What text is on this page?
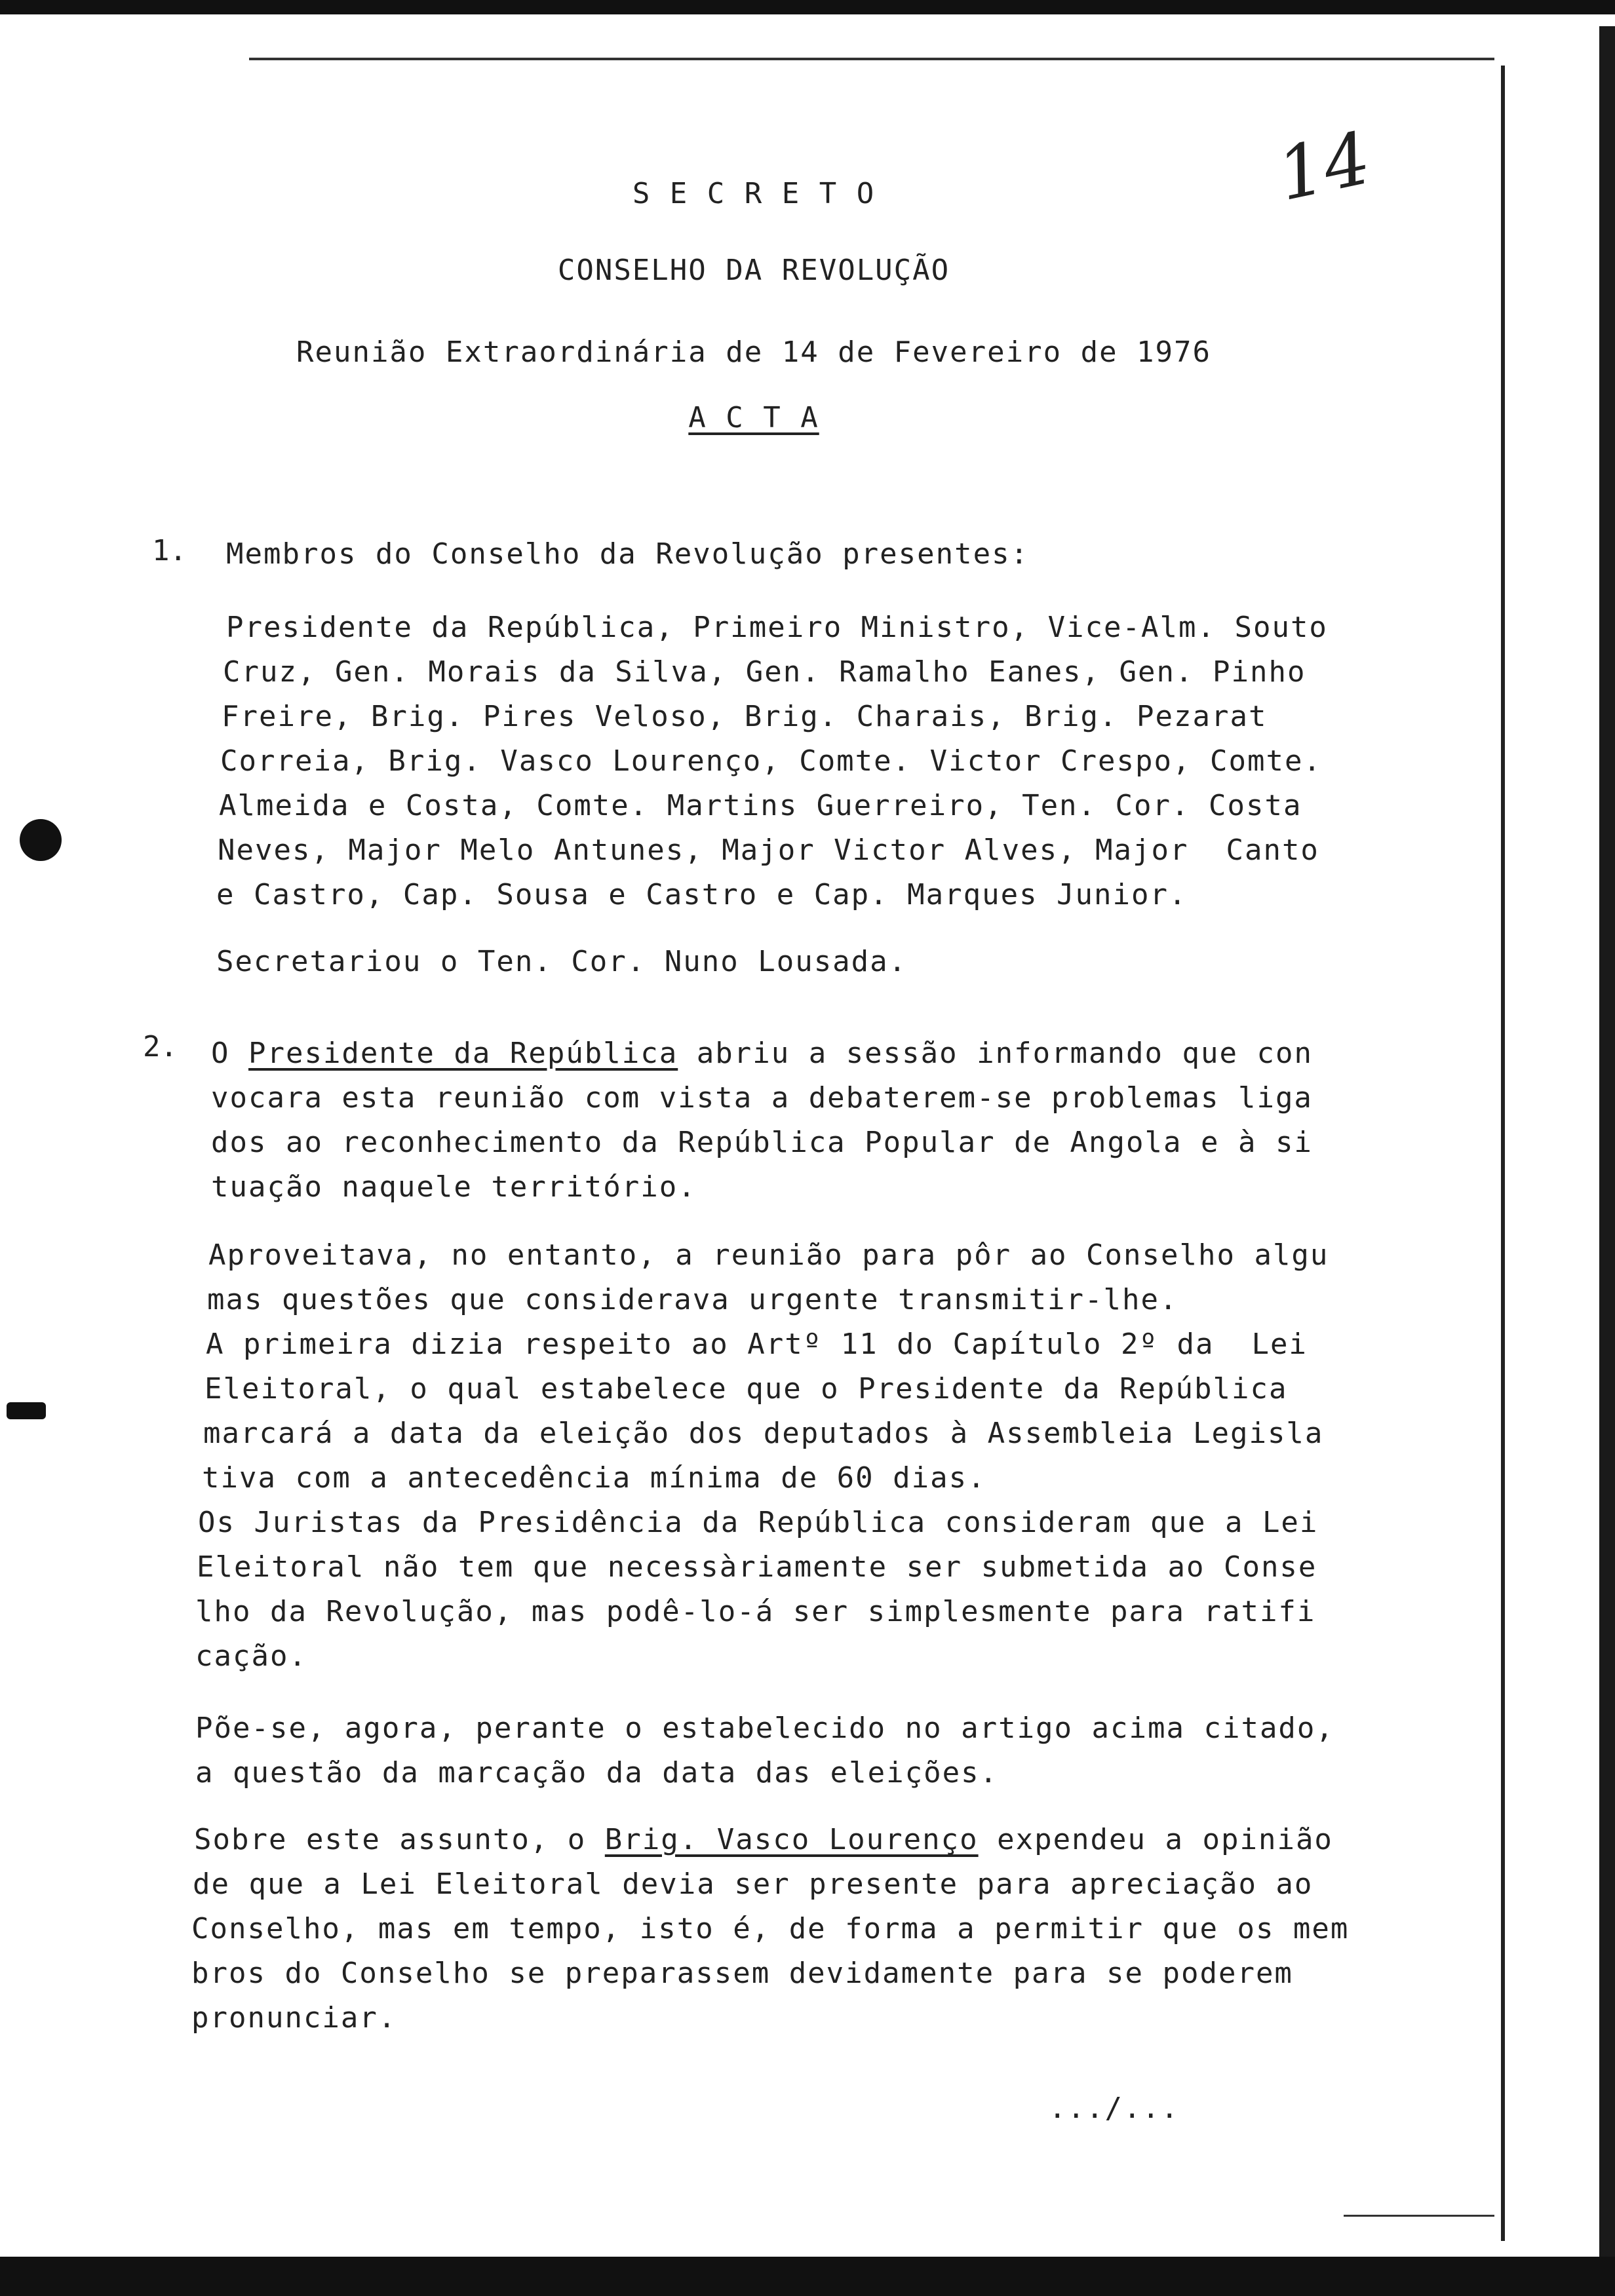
14
S E C R E T O
CONSELHO DA REVOLUÇÃO
Reunião Extraordinária de 14 de Fevereiro de 1976
A C T A
1. Membros do Conselho da Revolução presentes:
Presidente da República, Primeiro Ministro, Vice-Alm. Souto
Cruz, Gen. Morais da Silva, Gen. Ramalho Eanes, Gen. Pinho
Freire, Brig. Pires Veloso, Brig. Charais, Brig. Pezarat
Correia, Brig. Vasco Lourenço, Comte. Victor Crespo, Comte.
Almeida e Costa, Comte. Martins Guerreiro, Ten. Cor. Costa
Neves, Major Melo Antunes, Major Victor Alves, Major  Canto
e Castro, Cap. Sousa e Castro e Cap. Marques Junior.
Secretariou o Ten. Cor. Nuno Lousada.
2. O Presidente da República abriu a sessão informando que con
vocara esta reunião com vista a debaterem-se problemas liga
dos ao reconhecimento da República Popular de Angola e à si
tuação naquele território.
Aproveitava, no entanto, a reunião para pôr ao Conselho algu
mas questões que considerava urgente transmitir-lhe.
A primeira dizia respeito ao Artº 11 do Capítulo 2º da  Lei
Eleitoral, o qual estabelece que o Presidente da República
marcará a data da eleição dos deputados à Assembleia Legisla
tiva com a antecedência mínima de 60 dias.
Os Juristas da Presidência da República consideram que a Lei
Eleitoral não tem que necessàriamente ser submetida ao Conse
lho da Revolução, mas podê-lo-á ser simplesmente para ratifi
cação.
Põe-se, agora, perante o estabelecido no artigo acima citado,
a questão da marcação da data das eleições.
Sobre este assunto, o Brig. Vasco Lourenço expendeu a opinião
de que a Lei Eleitoral devia ser presente para apreciação ao
Conselho, mas em tempo, isto é, de forma a permitir que os mem
bros do Conselho se preparassem devidamente para se poderem
pronunciar.
.../...
